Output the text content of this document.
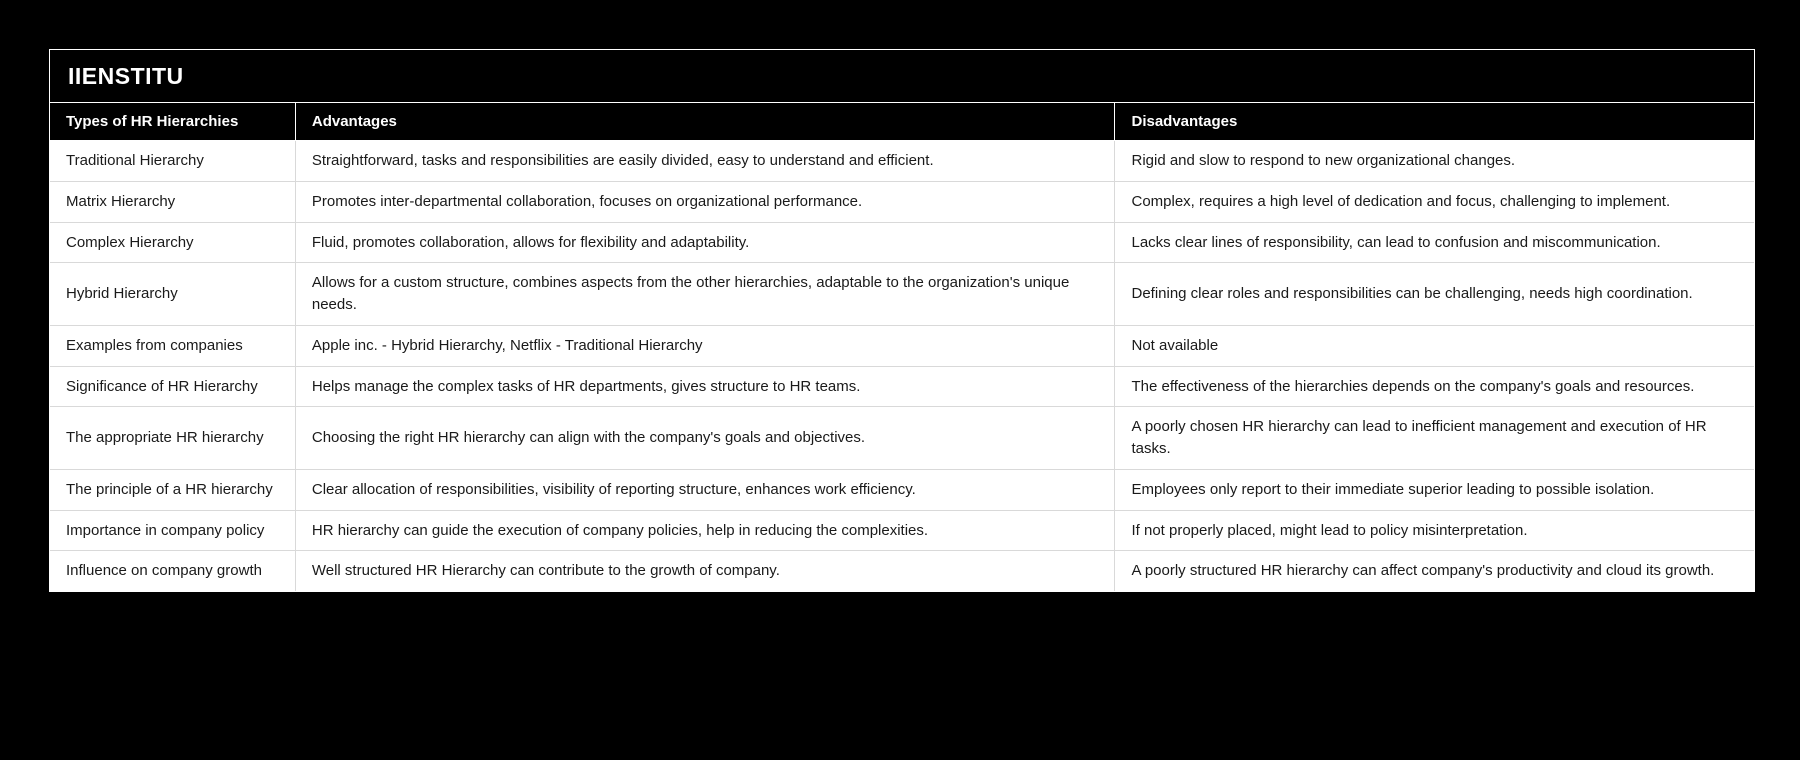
IIENSTITU
Types of HR Hierarchies	Advantages	Disadvantages
Traditional Hierarchy	Straightforward, tasks and responsibilities are easily divided, easy to understand and efficient.	Rigid and slow to respond to new organizational changes.
Matrix Hierarchy	Promotes inter-departmental collaboration, focuses on organizational performance.	Complex, requires a high level of dedication and focus, challenging to implement.
Complex Hierarchy	Fluid, promotes collaboration, allows for flexibility and adaptability.	Lacks clear lines of responsibility, can lead to confusion and miscommunication.
Hybrid Hierarchy	Allows for a custom structure, combines aspects from the other hierarchies, adaptable to the organization's unique needs.	Defining clear roles and responsibilities can be challenging, needs high coordination.
Examples from companies	Apple inc. - Hybrid Hierarchy, Netflix - Traditional Hierarchy	Not available
Significance of HR Hierarchy	Helps manage the complex tasks of HR departments, gives structure to HR teams.	The effectiveness of the hierarchies depends on the company's goals and resources.
The appropriate HR hierarchy	Choosing the right HR hierarchy can align with the company's goals and objectives.	A poorly chosen HR hierarchy can lead to inefficient management and execution of HR tasks.
The principle of a HR hierarchy	Clear allocation of responsibilities, visibility of reporting structure, enhances work efficiency.	Employees only report to their immediate superior leading to possible isolation.
Importance in company policy	HR hierarchy can guide the execution of company policies, help in reducing the complexities.	If not properly placed, might lead to policy misinterpretation.
Influence on company growth	Well structured HR Hierarchy can contribute to the growth of company.	A poorly structured HR hierarchy can affect company's productivity and cloud its growth.
